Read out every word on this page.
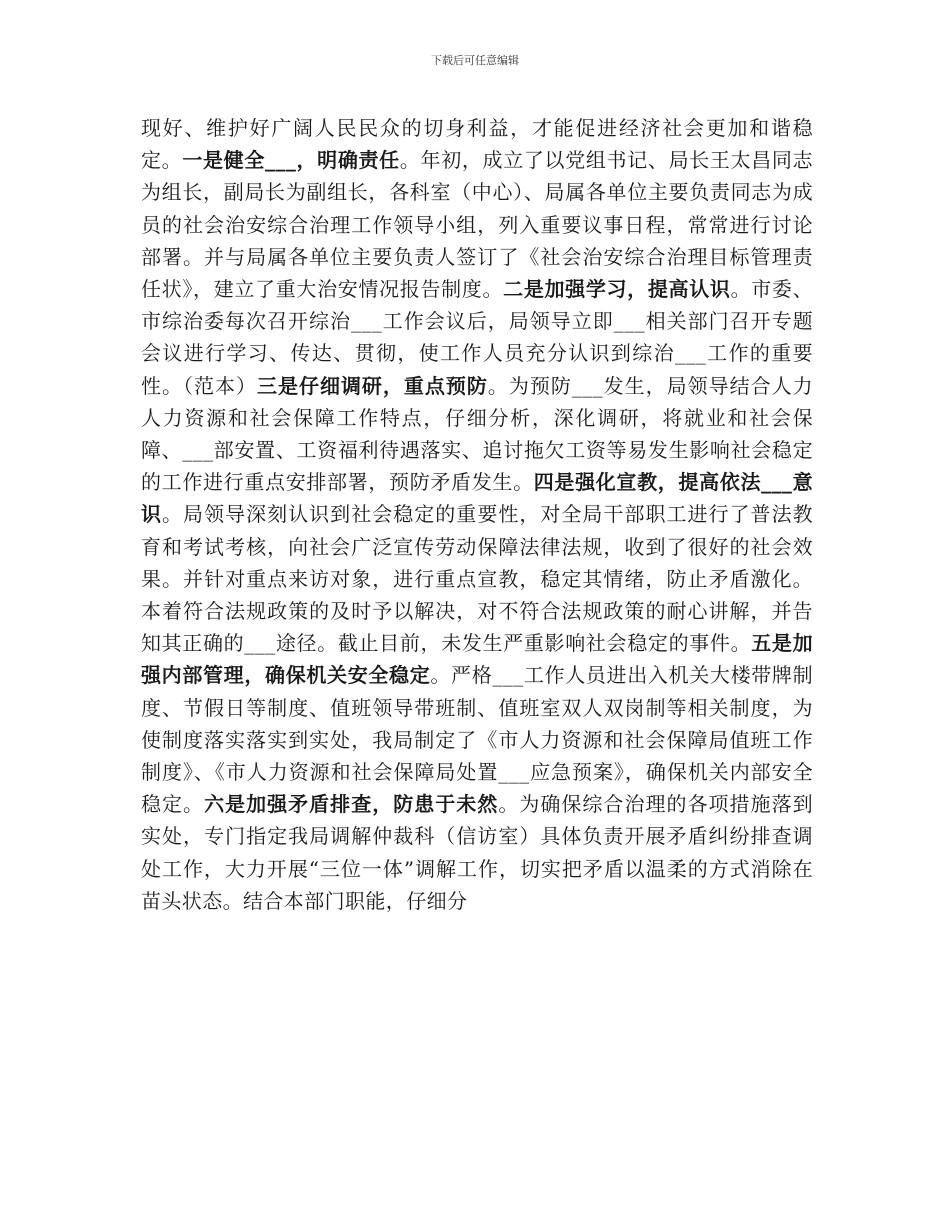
下载后可任意编辑

现好、维护好广阔人民民众的切身利益，才能促进经济社会更加和谐稳定。一是健全___，明确责任。年初，成立了以党组书记、局长王太昌同志为组长，副局长为副组长，各科室（中心）、局属各单位主要负责同志为成员的社会治安综合治理工作领导小组，列入重要议事日程，常常进行讨论部署。并与局属各单位主要负责人签订了《社会治安综合治理目标管理责任状》，建立了重大治安情况报告制度。二是加强学习，提高认识。市委、市综治委每次召开综治___工作会议后，局领导立即___相关部门召开专题会议进行学习、传达、贯彻，使工作人员充分认识到综治___工作的重要性。（范本）三是仔细调研，重点预防。为预防___发生，局领导结合人力人力资源和社会保障工作特点，仔细分析，深化调研，将就业和社会保障、___部安置、工资福利待遇落实、追讨拖欠工资等易发生影响社会稳定的工作进行重点安排部署，预防矛盾发生。四是强化宣教，提高依法___意识。局领导深刻认识到社会稳定的重要性，对全局干部职工进行了普法教育和考试考核，向社会广泛宣传劳动保障法律法规，收到了很好的社会效果。并针对重点来访对象，进行重点宣教，稳定其情绪，防止矛盾激化。本着符合法规政策的及时予以解决，对不符合法规政策的耐心讲解，并告知其正确的___途径。截止目前，未发生严重影响社会稳定的事件。五是加强内部管理，确保机关安全稳定。严格___工作人员进出入机关大楼带牌制度、节假日等制度、值班领导带班制、值班室双人双岗制等相关制度，为使制度落实落实到实处，我局制定了《市人力资源和社会保障局值班工作制度》、《市人力资源和社会保障局处置___应急预案》，确保机关内部安全稳定。六是加强矛盾排查，防患于未然。为确保综合治理的各项措施落到实处，专门指定我局调解仲裁科（信访室）具体负责开展矛盾纠纷排查调处工作，大力开展“三位一体”调解工作，切实把矛盾以温柔的方式消除在苗头状态。结合本部门职能，仔细分
